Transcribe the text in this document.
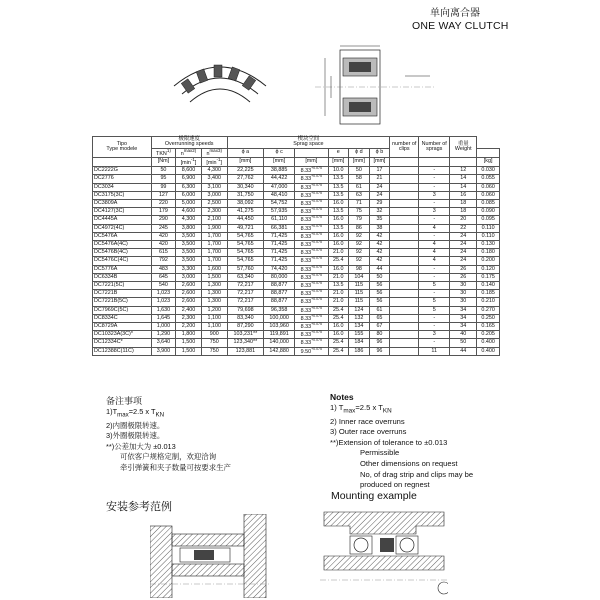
单向离合器
ONE WAY CLUTCH
Tipo
Type modele	极限速度
Overrunning speeds			楔块空间
Sprag space						number of clips	Number of sprags	重量
Weight	
	TKN$^{1)}$	$n^{max2)}$	$n^{max3)}$	ϕ a	ϕ c		e	ϕ d	ϕ b				
	[Nm]	$[\min^{-1}]$	$[\min^{-1}]$	[mm]	[mm]	[mm]	[mm]	[mm]	[mm]				[kg]
DC2222G	50	8,600	4,300	22,225	38,885	$8.33^{+0.075}$	10.0	50	17		-	12	0.030
DC2776	95	6,900	3,400	27,762	44,422	$8.33^{+0.075}$	13.5	58	21		-	14	0.055
DC3034	99	6,300	3,100	30,340	47,000	$8.33^{+0.075}$	13.5	61	24		-	14	0.060
DC3175(3C)	127	6,000	3,000	31,750	48,410	$8.33^{+0.075}$	13.5	63	24		3	16	0.060
DC3809A	220	5,000	2,500	38,092	54,752	$8.33^{+0.075}$	16.0	71	29		-	18	0.085
DC4127(3C)	179	4,600	2,300	41,275	57,935	$8.33^{+0.075}$	13.5	75	32		3	18	0.090
DC4445A	290	4,300	2,100	44,450	61,110	$8.33^{+0.075}$	16.0	79	35		-	20	0.095
DC4972(4C)	245	3,800	1,900	49,721	66,381	$8.33^{+0.075}$	13.5	86	38		4	22	0.110
DC5476A	420	3,500	1,700	54,765	71,425	$8.33^{+0.075}$	16.0	92	42		-	24	0.110
DC5476A(4C)	420	3,500	1,700	54,765	71,425	$8.33^{+0.075}$	16.0	92	42		4	24	0.130
DC5476B(4C)	615	3,500	1,700	54,765	71,425	$8.33^{+0.075}$	21.0	92	42		4	24	0.180
DC5476C(4C)	792	3,500	1,700	54,765	71,425	$8.33^{+0.075}$	25.4	92	42		4	24	0.200
DC5776A	483	3,300	1,600	57,760	74,420	$8.33^{+0.075}$	16.0	98	44		-	26	0.120
DC6334B	645	3,000	1,500	63,340	80,000	$8.33^{+0.075}$	21.0	104	50		-	26	0.175
DC7221(5C)	540	2,600	1,300	72,217	88,877	$8.33^{+0.075}$	13.5	115	56		5	30	0.140
DC7221B	1,023	2,600	1,300	72,217	88,877	$8.33^{+0.075}$	21.0	115	56		-	30	0.185
DC7221B(5C)	1,023	2,600	1,300	72,217	88,877	$8.33^{+0.075}$	21.0	115	56		5	30	0.210
DC7969C(5C)	1,630	2,400	1,200	79,698	96,358	$8.33^{+0.075}$	25.4	124	61		5	34	0.270
DC8334C	1,645	2,300	1,100	83,340	100,000	$8.33^{+0.075}$	25.4	132	65		-	34	0.250
DC8729A	1,000	2,200	1,100	87,290	103,960	$8.33^{+0.075}$	16.0	134	67		-	34	0.165
DC10323A(3C)*	1,290	1,800	900	103,231**	119,891	$8.33^{+0.075}$	16.0	155	80		3	40	0.205
DC12334C*	3,640	1,500	750	123,340**	140,000	$8.33^{+0.075}$	25.4	184	96		-	50	0.400
DC12388C(11C)	3,900	1,500	750	123,881	142,880	$9.50^{+0.075}$	25.4	186	96		11	44	0.400
备注事项
$1)T_{max}=2.5$ x $T_{KN}$
2)内圈极限转速。
3)外圈极限转速。
**)公差加大为 ±0.013
可依客户规格定制，欢迎洽询
牵引弹簧和夹子数量可按要求生产
Notes
1) $T_{max}=2.5$ x $T_{KN}$
2) Inner race overruns
3) Outer race overruns
**)Extension of tolerance to ±0.013
Permissible
Other dimensions on request
No, of drag strip and clips may be
produced on regnest
安装参考范例
Mounting example
